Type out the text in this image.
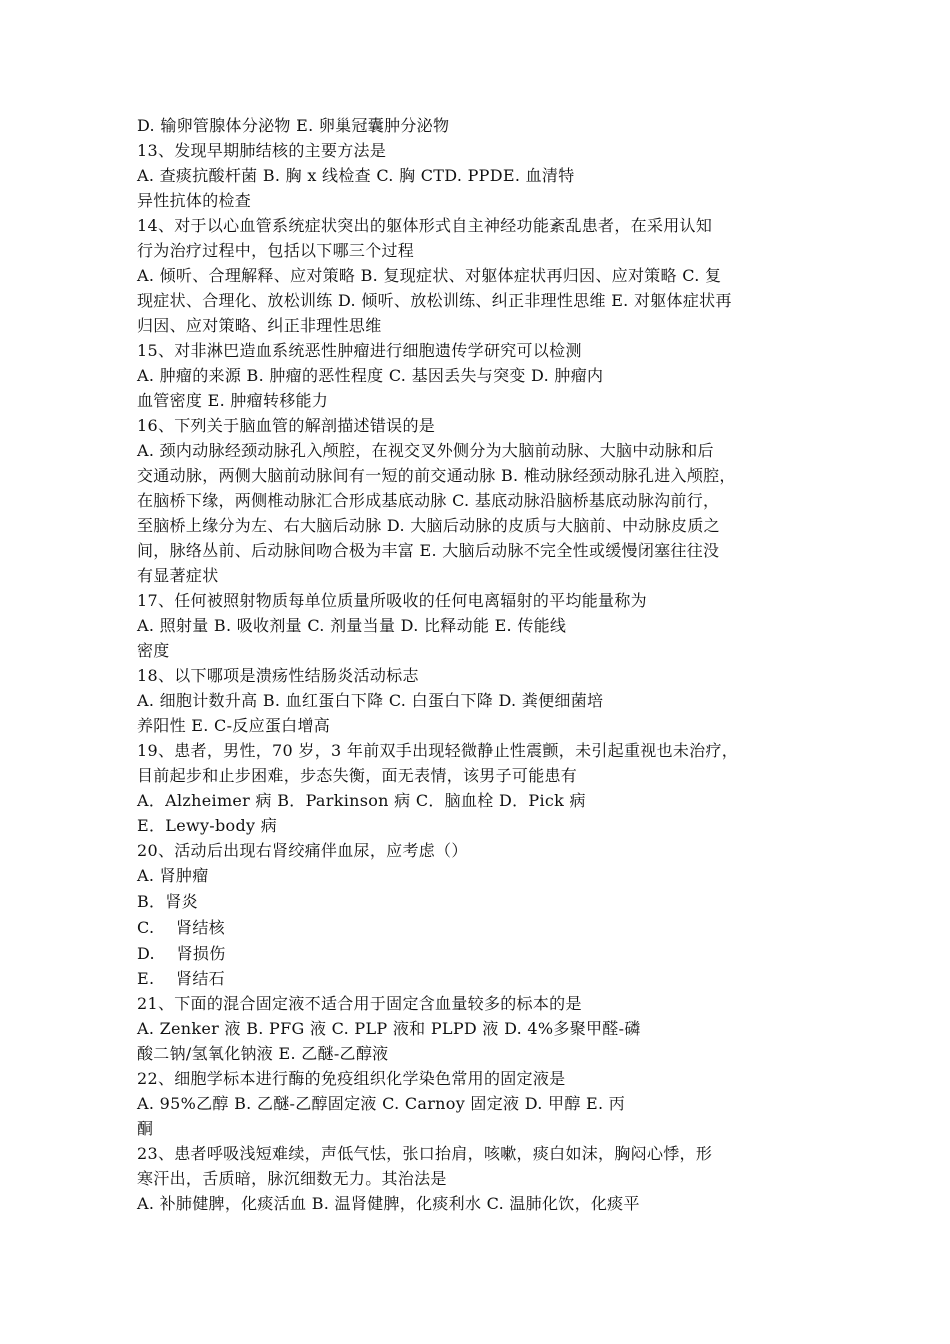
D. 输卵管腺体分泌物 E. 卵巢冠囊肿分泌物
13、发现早期肺结核的主要方法是
A. 查痰抗酸杆菌 B. 胸 x 线检查 C. 胸 CTD. PPDE. 血清特
异性抗体的检查
14、对于以心血管系统症状突出的躯体形式自主神经功能紊乱患者，在采用认知
行为治疗过程中，包括以下哪三个过程
A. 倾听、合理解释、应对策略 B. 复现症状、对躯体症状再归因、应对策略 C. 复
现症状、合理化、放松训练 D. 倾听、放松训练、纠正非理性思维 E. 对躯体症状再
归因、应对策略、纠正非理性思维
15、对非淋巴造血系统恶性肿瘤进行细胞遗传学研究可以检测
A. 肿瘤的来源 B. 肿瘤的恶性程度 C. 基因丢失与突变 D. 肿瘤内
血管密度 E. 肿瘤转移能力
16、下列关于脑血管的解剖描述错误的是
A. 颈内动脉经颈动脉孔入颅腔，在视交叉外侧分为大脑前动脉、大脑中动脉和后
交通动脉，两侧大脑前动脉间有一短的前交通动脉 B. 椎动脉经颈动脉孔进入颅腔，
在脑桥下缘，两侧椎动脉汇合形成基底动脉 C. 基底动脉沿脑桥基底动脉沟前行，
至脑桥上缘分为左、右大脑后动脉 D. 大脑后动脉的皮质与大脑前、中动脉皮质之
间，脉络丛前、后动脉间吻合极为丰富 E. 大脑后动脉不完全性或缓慢闭塞往往没
有显著症状
17、任何被照射物质每单位质量所吸收的任何电离辐射的平均能量称为
A. 照射量 B. 吸收剂量 C. 剂量当量 D. 比释动能 E. 传能线
密度
18、以下哪项是溃疡性结肠炎活动标志
A. 细胞计数升高 B. 血红蛋白下降 C. 白蛋白下降 D. 粪便细菌培
养阳性 E. C-反应蛋白增高
19、患者，男性，70 岁，3 年前双手出现轻微静止性震颤，未引起重视也未治疗，
目前起步和止步困难，步态失衡，面无表情，该男子可能患有
A．Alzheimer 病 B．Parkinson 病 C．脑血栓 D．Pick 病
E．Lewy-body 病
20、活动后出现右肾绞痛伴血尿，应考虑（）
A. 肾肿瘤
B．肾炎
C.　 肾结核
D.　 肾损伤
E.　 肾结石
21、下面的混合固定液不适合用于固定含血量较多的标本的是
A. Zenker 液 B. PFG 液 C. PLP 液和 PLPD 液 D. 4%多聚甲醛-磷
酸二钠/氢氧化钠液 E. 乙醚-乙醇液
22、细胞学标本进行酶的免疫组织化学染色常用的固定液是
A. 95%乙醇 B. 乙醚-乙醇固定液 C. Carnoy 固定液 D. 甲醇 E. 丙
酮
23、患者呼吸浅短难续，声低气怯，张口抬肩，咳嗽，痰白如沫，胸闷心悸，形
寒汗出，舌质暗，脉沉细数无力。其治法是
A. 补肺健脾，化痰活血 B. 温肾健脾，化痰利水 C. 温肺化饮，化痰平
